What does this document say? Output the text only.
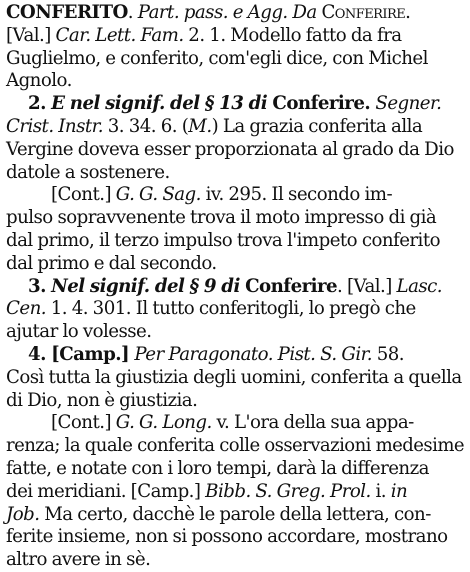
CONFERITO. Part. pass. e Agg. Da Conferire.
[Val.] Car. Lett. Fam. 2. 1. Modello fatto da fra
Guglielmo, e conferito, com'egli dice, con Michel
Agnolo.
2. E nel signif. del § 13 di Conferire. Segner.
Crist. Instr. 3. 34. 6. (M.) La grazia conferita alla
Vergine doveva esser proporzionata al grado da Dio
datole a sostenere.
[Cont.] G. G. Sag. iv. 295. Il secondo im-
pulso sopravvenente trova il moto impresso di già
dal primo, il terzo impulso trova l'impeto conferito
dal primo e dal secondo.
3. Nel signif. del § 9 di Conferire. [Val.] Lasc.
Cen. 1. 4. 301. Il tutto conferitogli, lo pregò che
ajutar lo volesse.
4. [Camp.] Per Paragonato. Pist. S. Gir. 58.
Così tutta la giustizia degli uomini, conferita a quella
di Dio, non è giustizia.
[Cont.] G. G. Long. v. L'ora della sua appa-
renza; la quale conferita colle osservazioni medesime
fatte, e notate con i loro tempi, darà la differenza
dei meridiani. [Camp.] Bibb. S. Greg. Prol. i. in
Job. Ma certo, dacchè le parole della lettera, con-
ferite insieme, non si possono accordare, mostrano
altro avere in sè.
